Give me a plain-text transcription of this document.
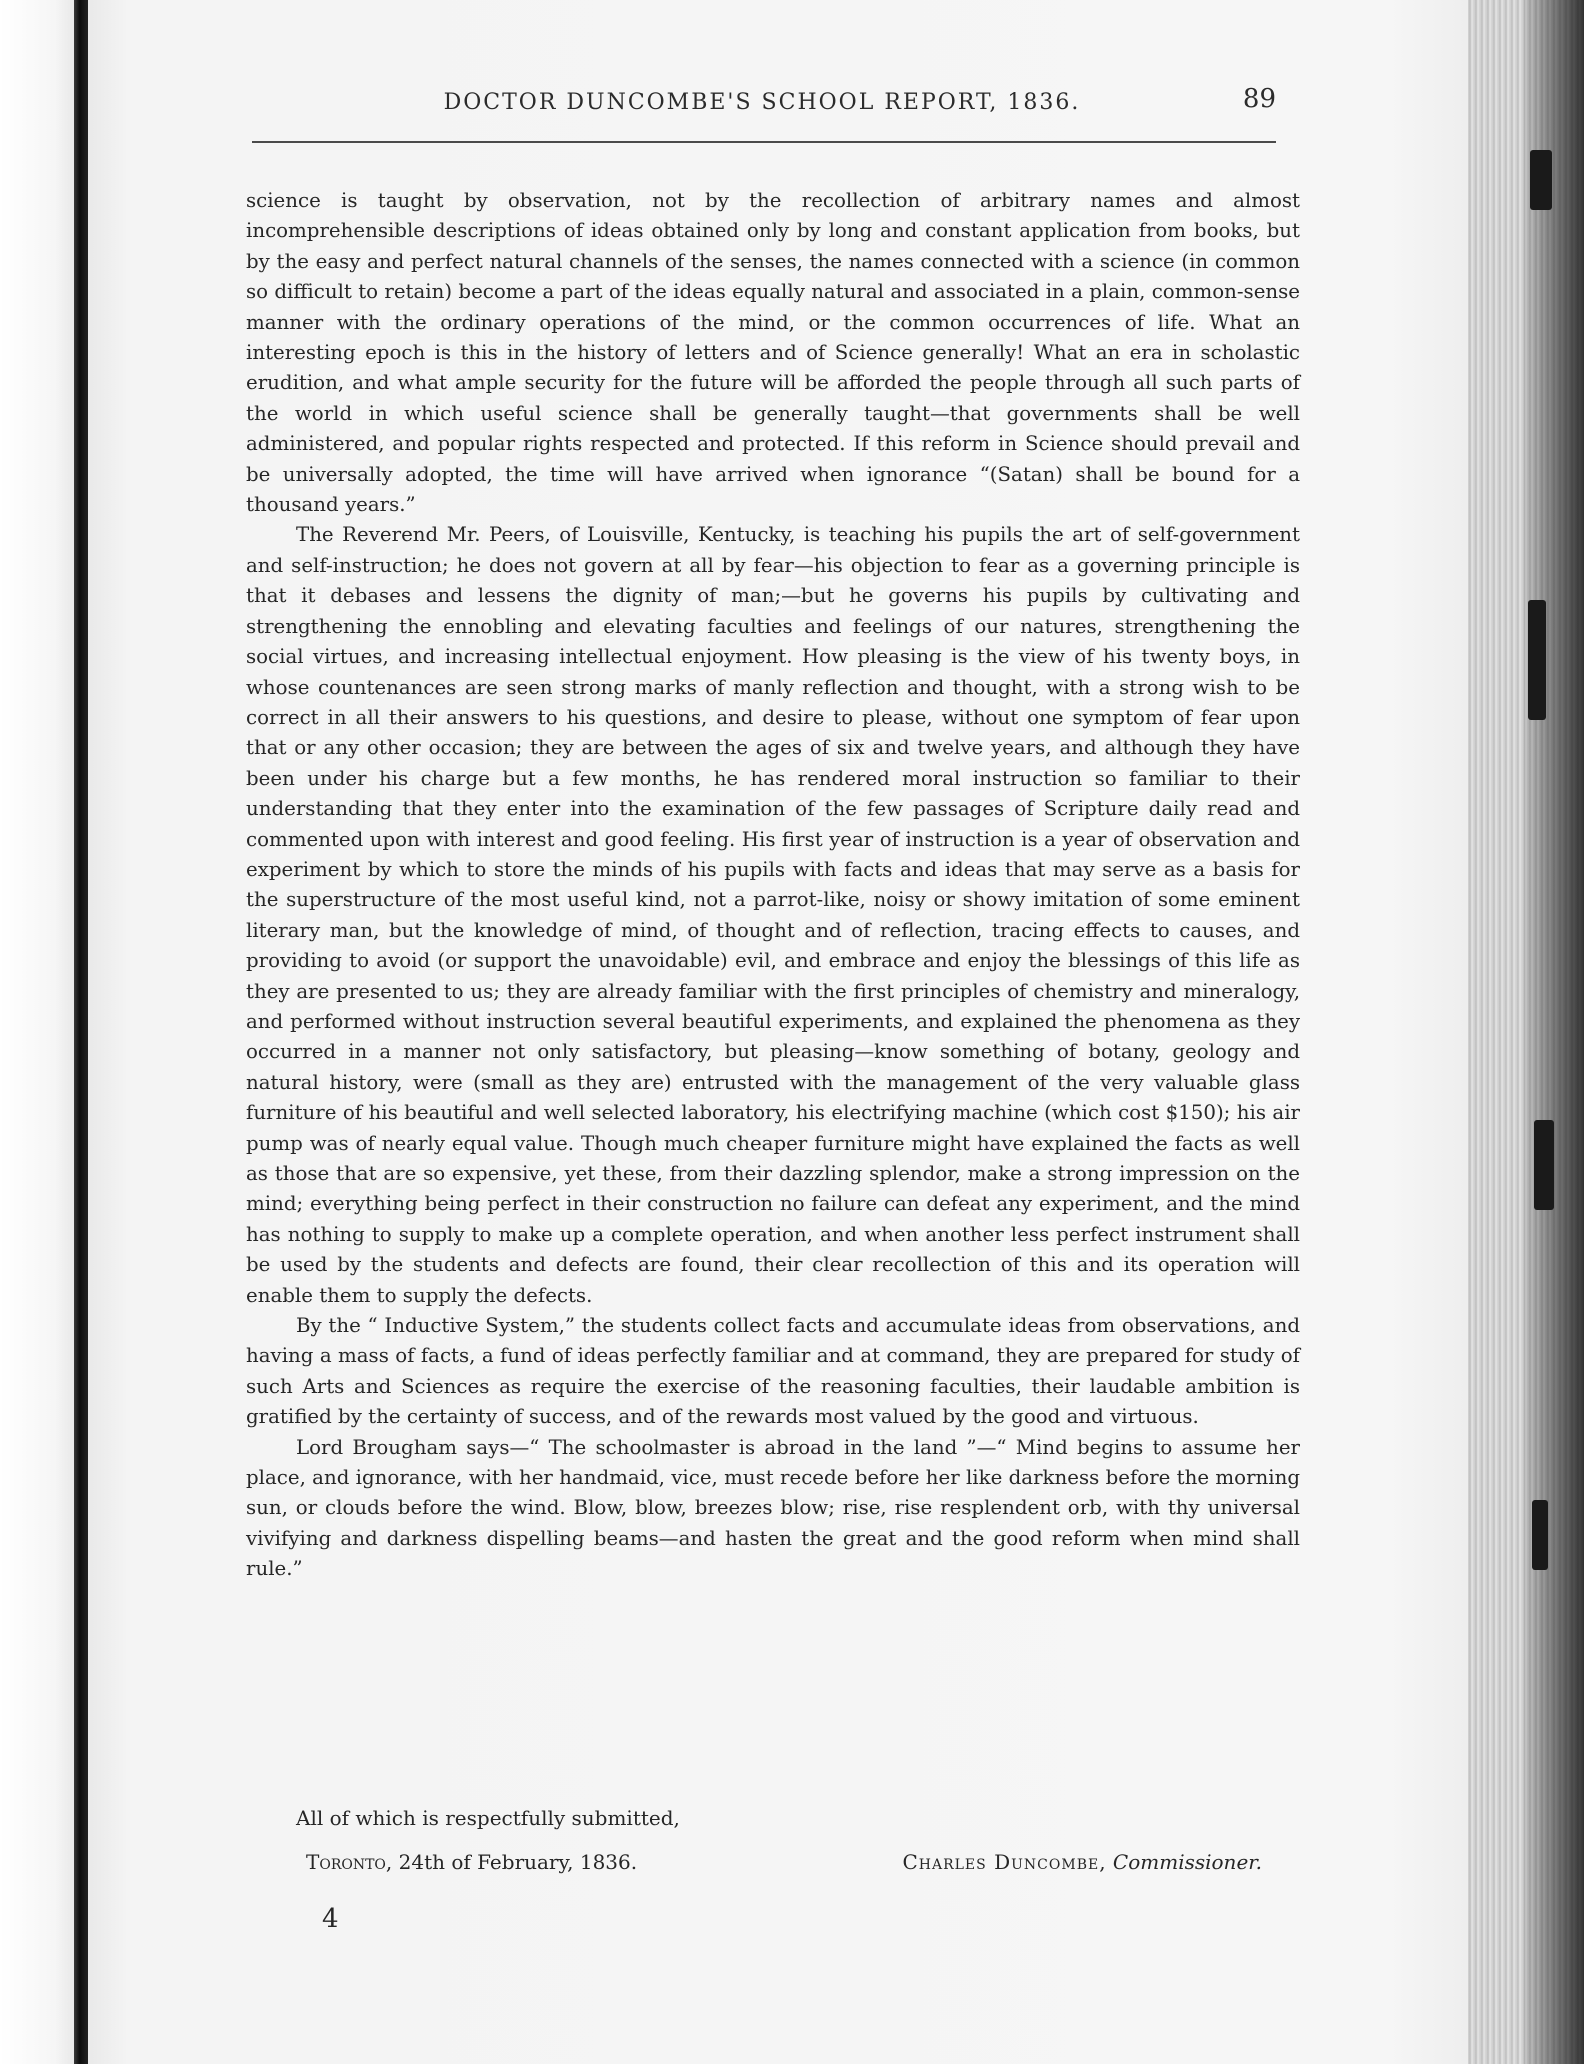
DOCTOR DUNCOMBE'S SCHOOL REPORT, 1836.	89

science is taught by observation, not by the recollection of arbitrary names and almost incomprehensible descriptions of ideas obtained only by long and constant application from books, but by the easy and perfect natural channels of the senses, the names connected with a science (in common so difficult to retain) become a part of the ideas equally natural and associated in a plain, common-sense manner with the ordinary operations of the mind, or the common occurrences of life. What an interesting epoch is this in the history of letters and of Science generally! What an era in scholastic erudition, and what ample security for the future will be afforded the people through all such parts of the world in which useful science shall be generally taught—that governments shall be well administered, and popular rights respected and protected. If this reform in Science should prevail and be universally adopted, the time will have arrived when ignorance “(Satan) shall be bound for a thousand years.”

The Reverend Mr. Peers, of Louisville, Kentucky, is teaching his pupils the art of self-government and self-instruction; he does not govern at all by fear—his objection to fear as a governing principle is that it debases and lessens the dignity of man;—but he governs his pupils by cultivating and strengthening the ennobling and elevating faculties and feelings of our natures, strengthening the social virtues, and increasing intellectual enjoyment. How pleasing is the view of his twenty boys, in whose countenances are seen strong marks of manly reflection and thought, with a strong wish to be correct in all their answers to his questions, and desire to please, without one symptom of fear upon that or any other occasion; they are between the ages of six and twelve years, and although they have been under his charge but a few months, he has rendered moral instruction so familiar to their understanding that they enter into the examination of the few passages of Scripture daily read and commented upon with interest and good feeling. His first year of instruction is a year of observation and experiment by which to store the minds of his pupils with facts and ideas that may serve as a basis for the superstructure of the most useful kind, not a parrot-like, noisy or showy imitation of some eminent literary man, but the knowledge of mind, of thought and of reflection, tracing effects to causes, and providing to avoid (or support the unavoidable) evil, and embrace and enjoy the blessings of this life as they are presented to us; they are already familiar with the first principles of chemistry and mineralogy, and performed without instruction several beautiful experiments, and explained the phenomena as they occurred in a manner not only satisfactory, but pleasing—know something of botany, geology and natural history, were (small as they are) entrusted with the management of the very valuable glass furniture of his beautiful and well selected laboratory, his electrifying machine (which cost $150); his air pump was of nearly equal value. Though much cheaper furniture might have explained the facts as well as those that are so expensive, yet these, from their dazzling splendor, make a strong impression on the mind; everything being perfect in their construction no failure can defeat any experiment, and the mind has nothing to supply to make up a complete operation, and when another less perfect instrument shall be used by the students and defects are found, their clear recollection of this and its operation will enable them to supply the defects.

By the “ Inductive System,” the students collect facts and accumulate ideas from observations, and having a mass of facts, a fund of ideas perfectly familiar and at command, they are prepared for study of such Arts and Sciences as require the exercise of the reasoning faculties, their laudable ambition is gratified by the certainty of success, and of the rewards most valued by the good and virtuous.

Lord Brougham says—“ The schoolmaster is abroad in the land ”—“ Mind begins to assume her place, and ignorance, with her handmaid, vice, must recede before her like darkness before the morning sun, or clouds before the wind. Blow, blow, breezes blow; rise, rise resplendent orb, with thy universal vivifying and darkness dispelling beams—and hasten the great and the good reform when mind shall rule.”

All of which is respectfully submitted,
Toronto, 24th of February, 1836.	Charles Duncombe, Commissioner.
4
